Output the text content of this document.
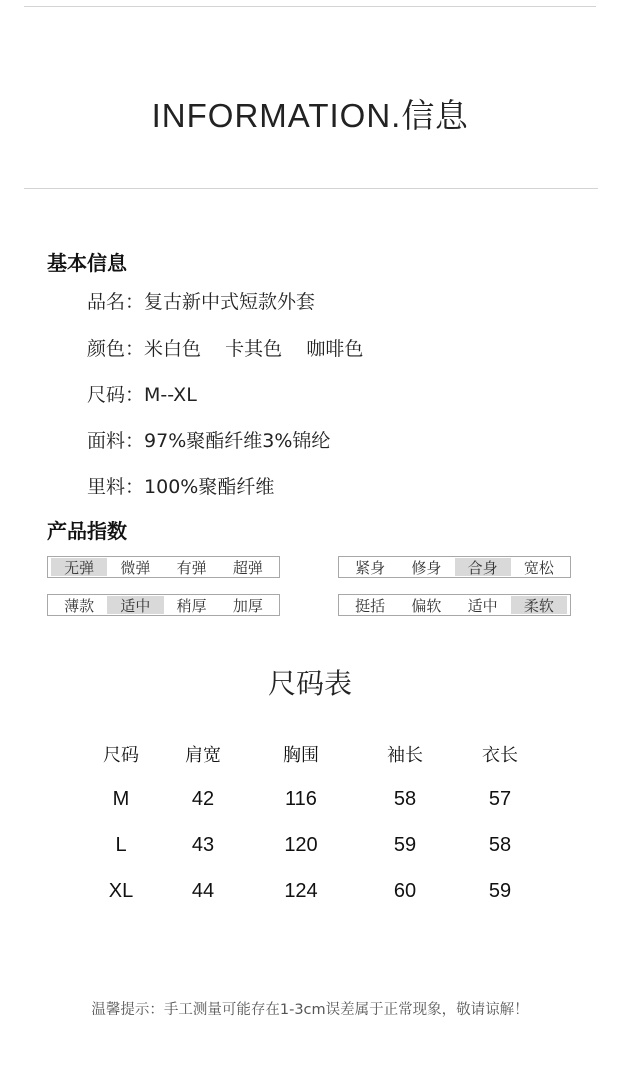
INFORMATION.信息
基本信息
品名：复古新中式短款外套
颜色：米白色    卡其色    咖啡色
尺码：M--XL
面料：97%聚酯纤维3%锦纶
里料：100%聚酯纤维
产品指数
无弹	微弹	有弹	超弹	紧身	修身	合身	宽松
薄款	适中	稍厚	加厚	挺括	偏软	适中	柔软
尺码表
尺码	肩宽	胸围	袖长	衣长
M	42	116	58	57
L	43	120	59	58
XL	44	124	60	59
温馨提示：手工测量可能存在1-3cm误差属于正常现象，敬请谅解！
